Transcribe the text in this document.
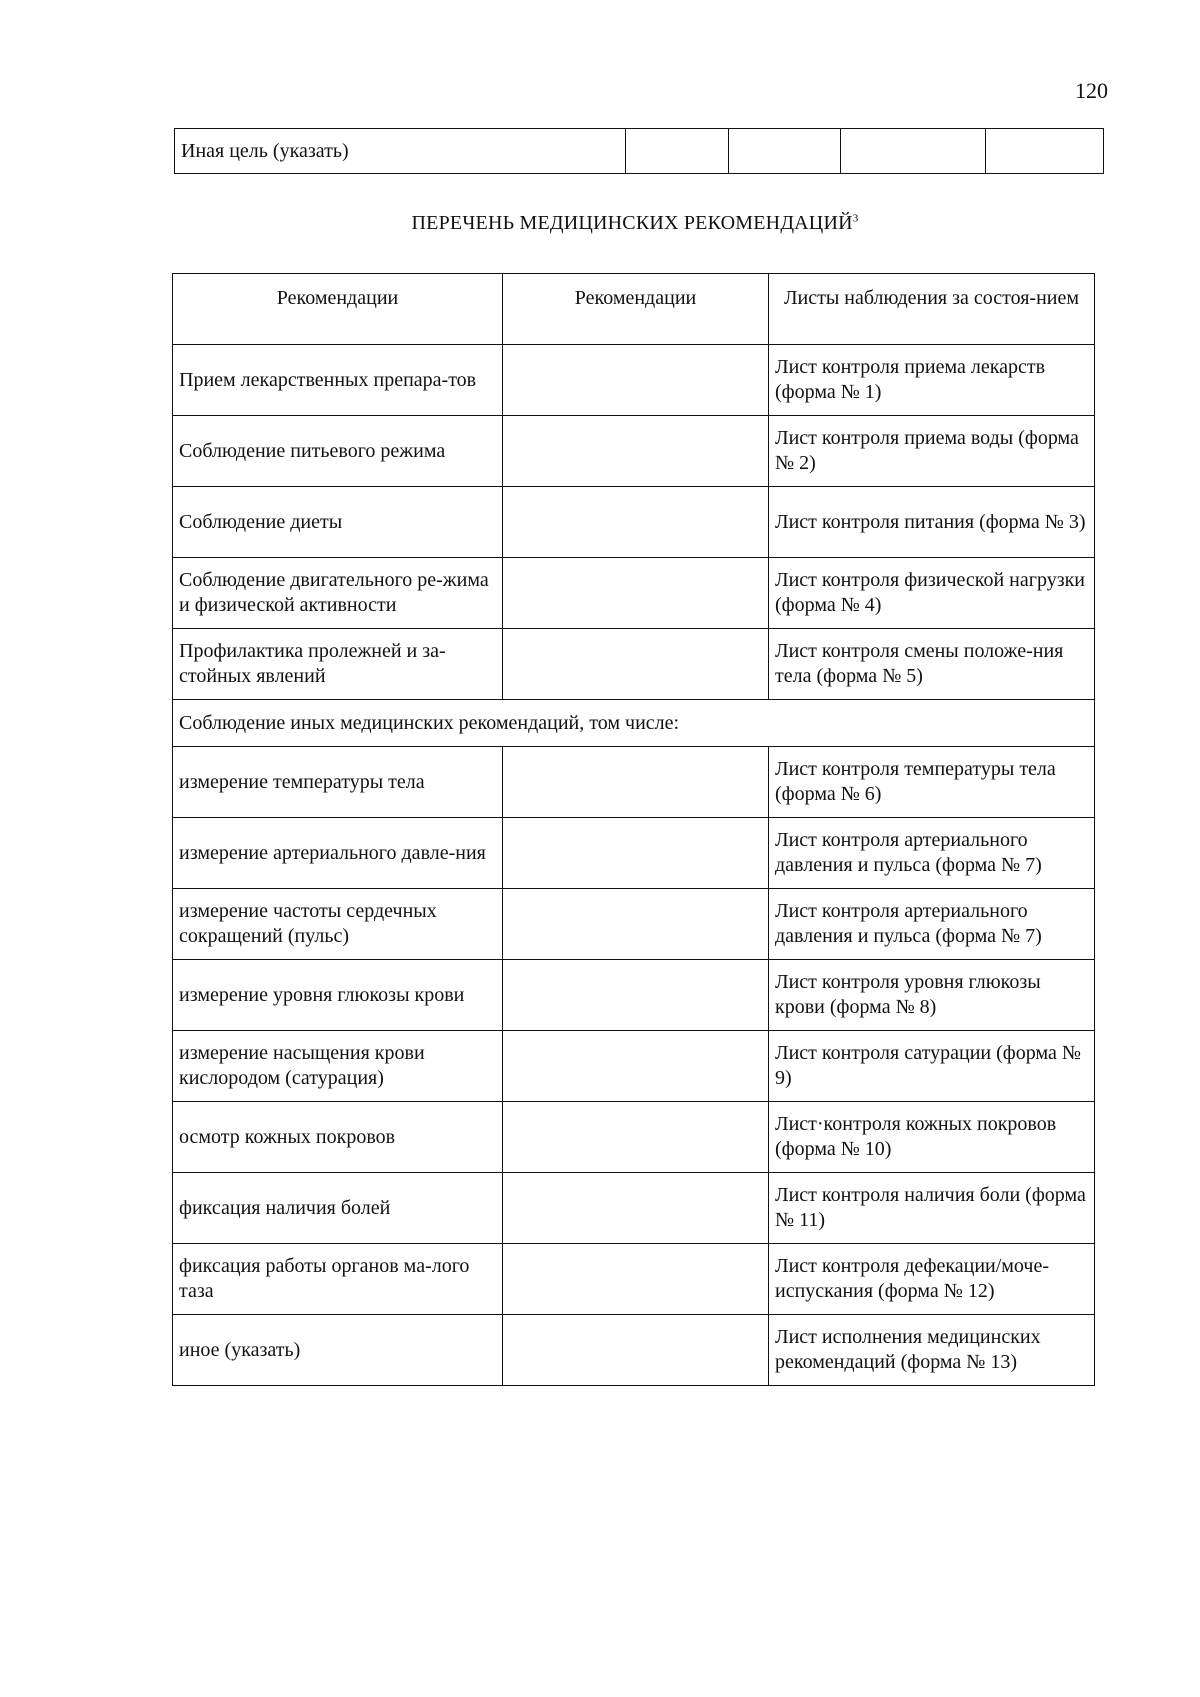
120
Иная цель (указать)				
ПЕРЕЧЕНЬ МЕДИЦИНСКИХ РЕКОМЕНДАЦИЙ$^3$
Рекомендации	Рекомендации	Листы наблюдения за состоя-нием
Прием лекарственных препара-тов		Лист контроля приема лекарств (форма № 1)
Соблюдение питьевого режима		Лист контроля приема воды (форма № 2)
Соблюдение диеты		Лист контроля питания (форма № 3)
Соблюдение двигательного ре-жима и физической активности		Лист контроля физической нагрузки (форма № 4)
Профилактика пролежней и за-стойных явлений		Лист контроля смены положе-ния тела (форма № 5)
Соблюдение иных медицинских рекомендаций, том числе:		
измерение температуры тела		Лист контроля температуры тела (форма № 6)
измерение артериального давле-ния		Лист контроля артериального давления и пульса (форма № 7)
измерение частоты сердечных сокращений (пульс)		Лист контроля артериального давления и пульса (форма № 7)
измерение уровня глюкозы крови		Лист контроля уровня глюкозы крови (форма № 8)
измерение насыщения крови кислородом (сатурация)		Лист контроля сатурации (форма № 9)
осмотр кожных покровов		Лист·контроля кожных покровов (форма № 10)
фиксация наличия болей		Лист контроля наличия боли (форма № 11)
фиксация работы органов ма-лого таза		Лист контроля дефекации/моче-испускания (форма № 12)
иное (указать)		Лист исполнения медицинских рекомендаций (форма № 13)
